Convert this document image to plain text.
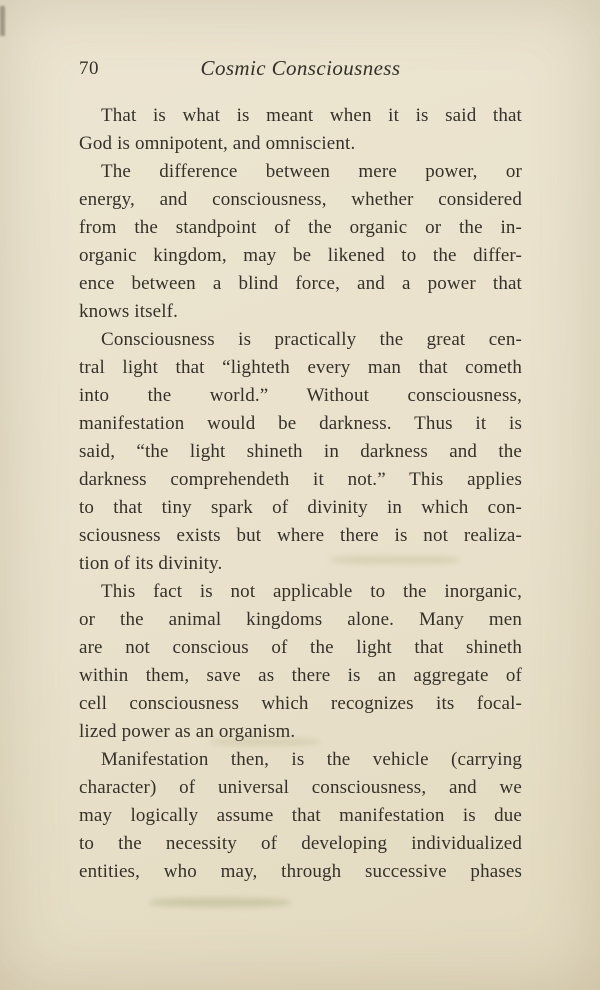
70	Cosmic Consciousness
That is what is meant when it is said that
God is omnipotent, and omniscient.
The difference between mere power, or
energy, and consciousness, whether considered
from the standpoint of the organic or the in-
organic kingdom, may be likened to the differ-
ence between a blind force, and a power that
knows itself.
Consciousness is practically the great cen-
tral light that “lighteth every man that cometh
into the world.” Without consciousness,
manifestation would be darkness. Thus it is
said, “the light shineth in darkness and the
darkness comprehendeth it not.” This applies
to that tiny spark of divinity in which con-
sciousness exists but where there is not realiza-
tion of its divinity.
This fact is not applicable to the inorganic,
or the animal kingdoms alone. Many men
are not conscious of the light that shineth
within them, save as there is an aggregate of
cell consciousness which recognizes its focal-
lized power as an organism.
Manifestation then, is the vehicle (carrying
character) of universal consciousness, and we
may logically assume that manifestation is due
to the necessity of developing individualized
entities, who may, through successive phases
